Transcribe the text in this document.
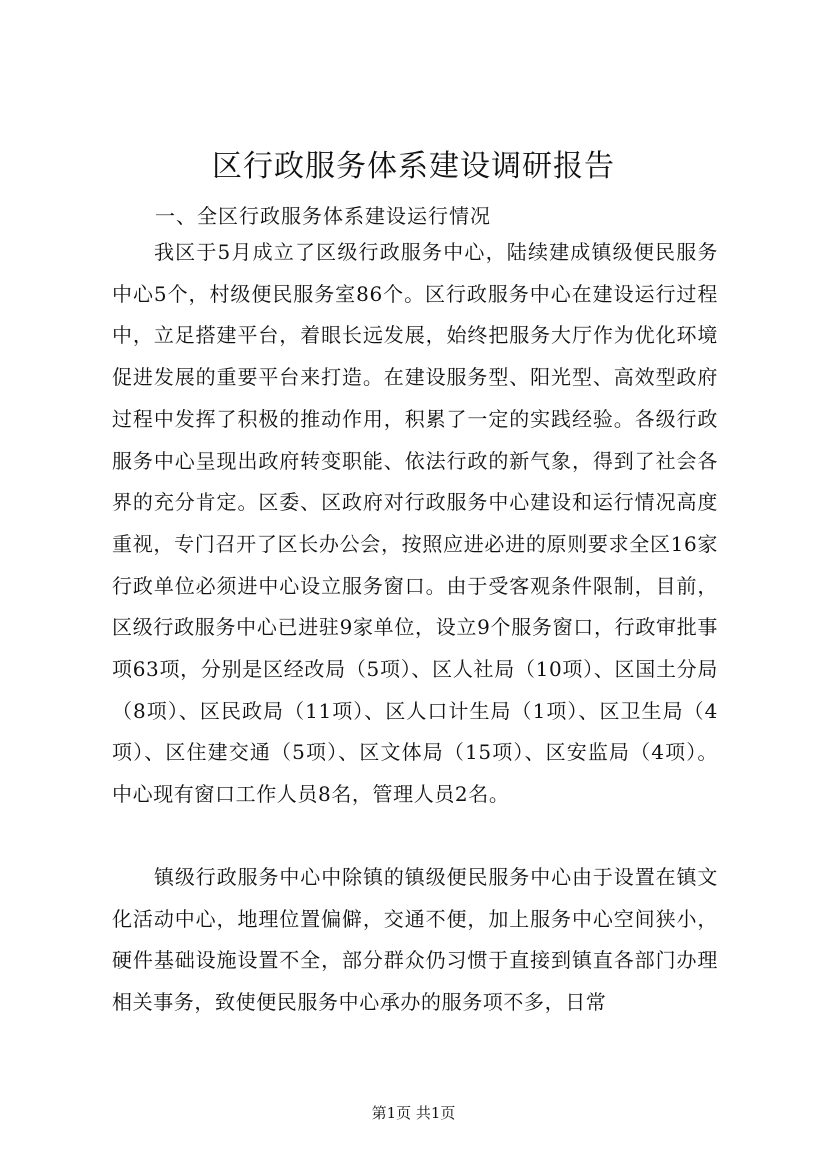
区行政服务体系建设调研报告

一、全区行政服务体系建设运行情况

我区于5月成立了区级行政服务中心，陆续建成镇级便民服务中心5个，村级便民服务室86个。区行政服务中心在建设运行过程中，立足搭建平台，着眼长远发展，始终把服务大厅作为优化环境促进发展的重要平台来打造。在建设服务型、阳光型、高效型政府过程中发挥了积极的推动作用，积累了一定的实践经验。各级行政服务中心呈现出政府转变职能、依法行政的新气象，得到了社会各界的充分肯定。区委、区政府对行政服务中心建设和运行情况高度重视，专门召开了区长办公会，按照应进必进的原则要求全区16家行政单位必须进中心设立服务窗口。由于受客观条件限制，目前，区级行政服务中心已进驻9家单位，设立9个服务窗口，行政审批事项63项，分别是区经改局（5项）、区人社局（10项）、区国土分局（8项）、区民政局（11项）、区人口计生局（1项）、区卫生局（4项）、区住建交通（5项）、区文体局（15项）、区安监局（4项）。中心现有窗口工作人员8名，管理人员2名。

镇级行政服务中心中除镇的镇级便民服务中心由于设置在镇文化活动中心，地理位置偏僻，交通不便，加上服务中心空间狭小，硬件基础设施设置不全，部分群众仍习惯于直接到镇直各部门办理相关事务，致使便民服务中心承办的服务项不多，日常

第1页 共1页
